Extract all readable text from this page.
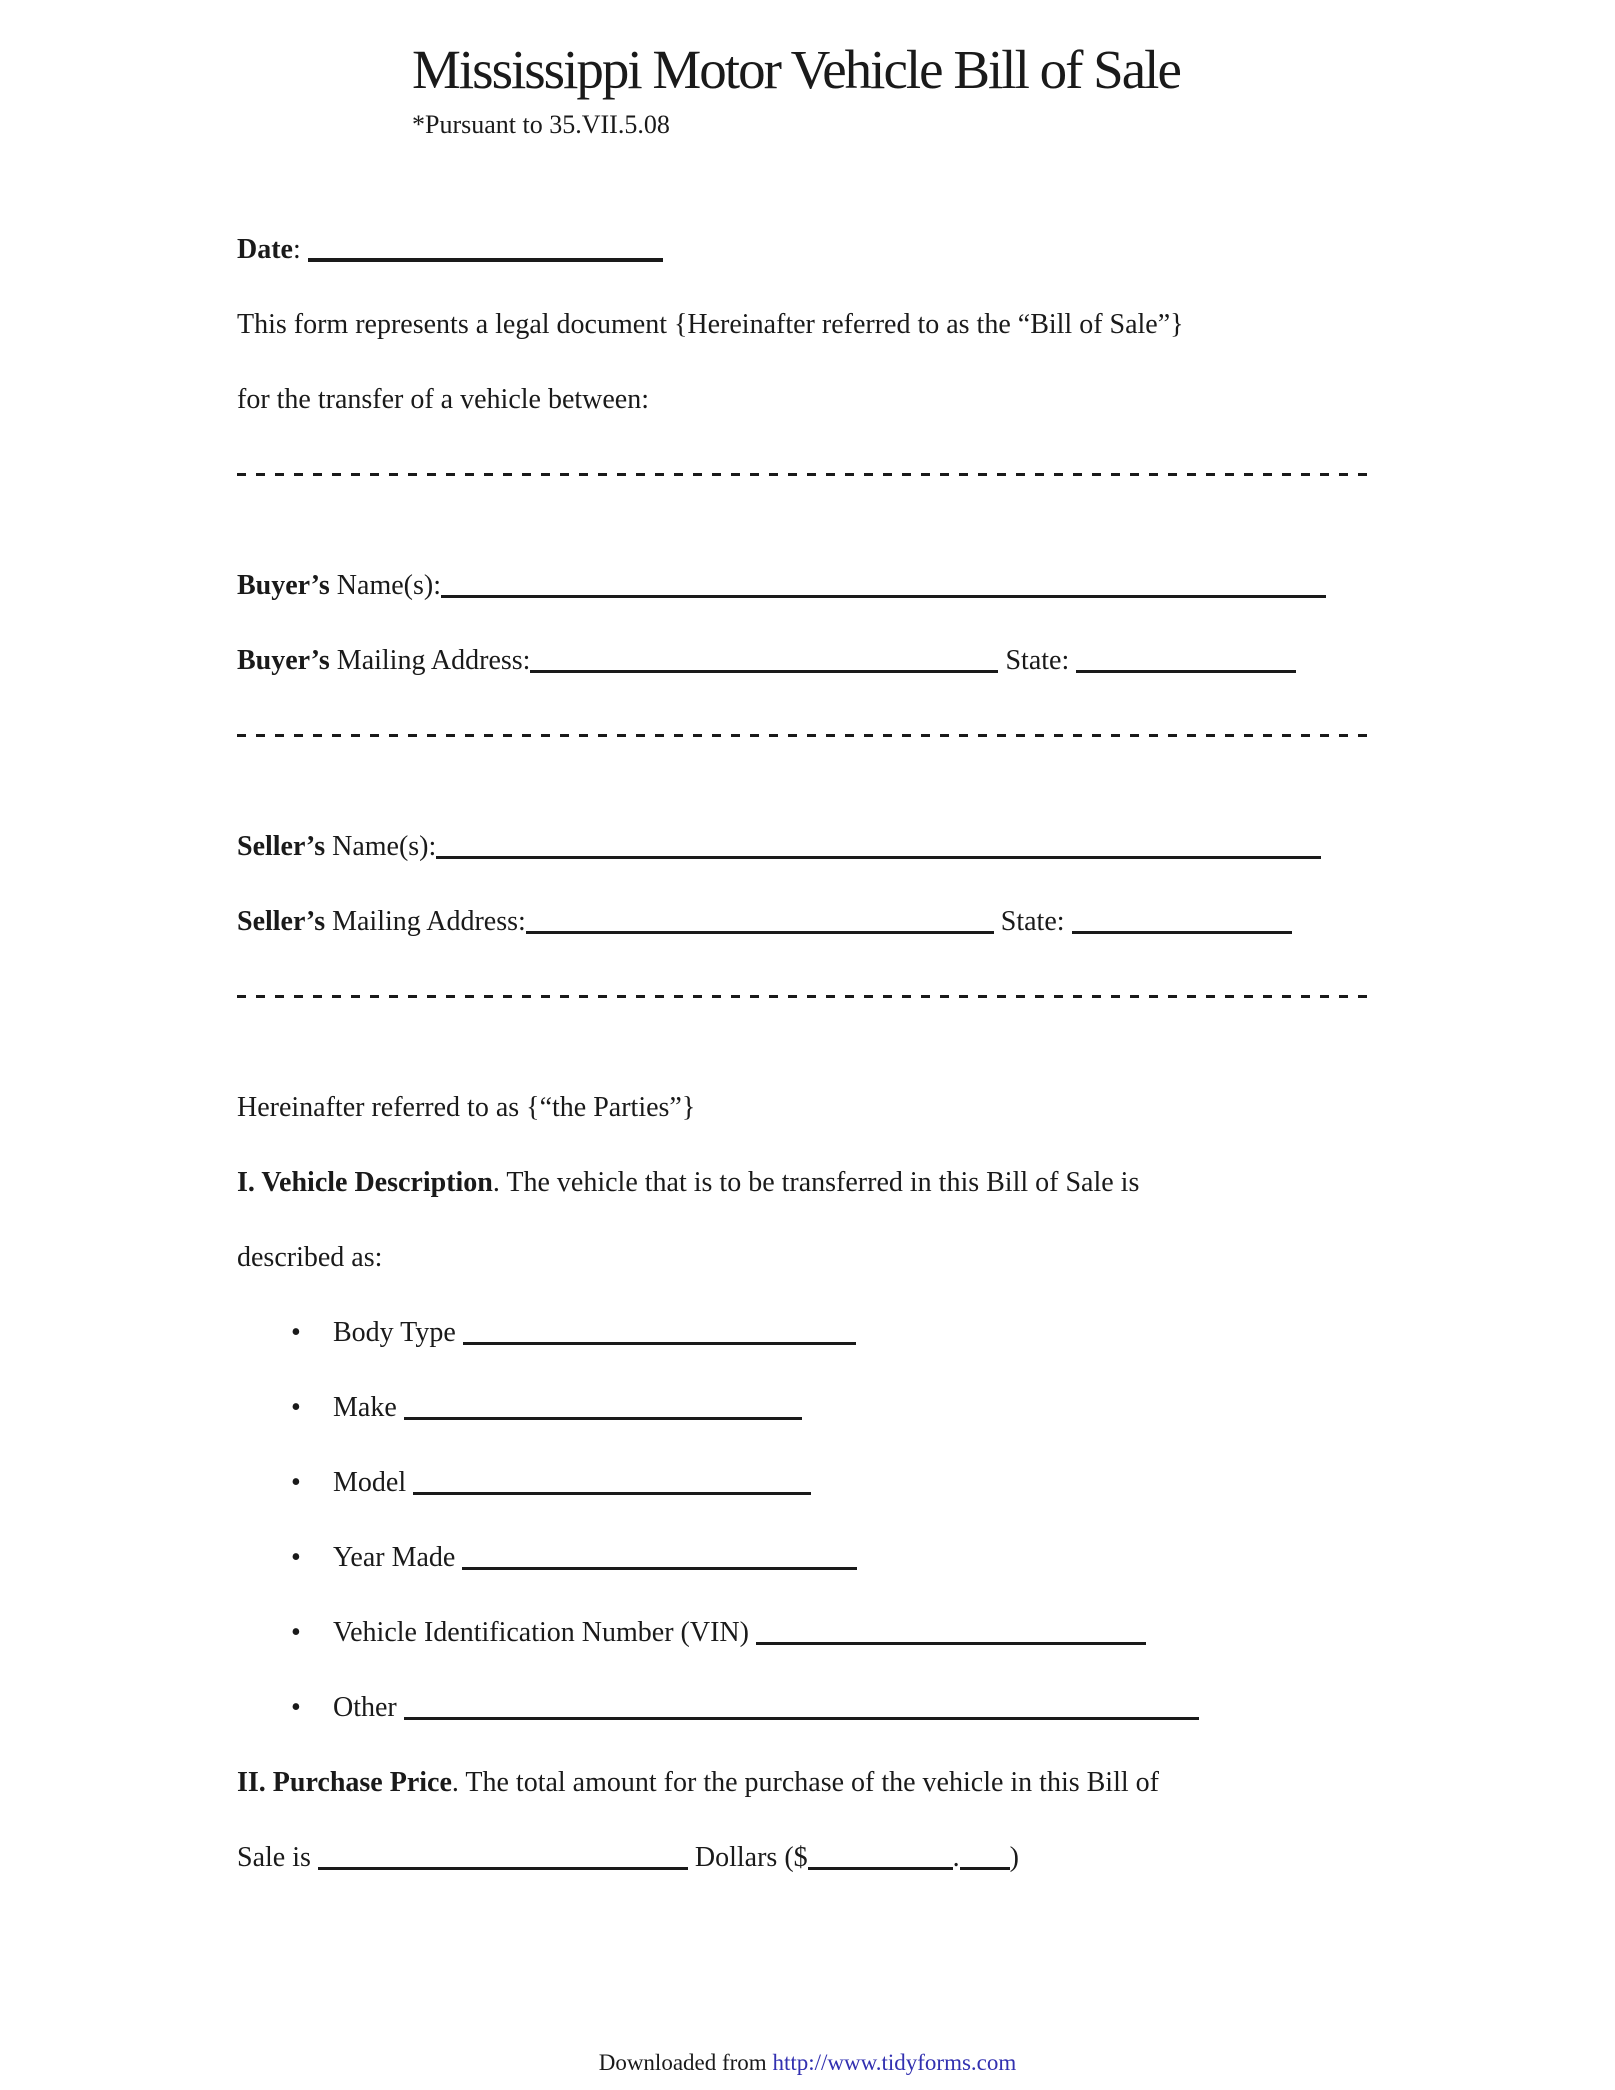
Mississippi Motor Vehicle Bill of Sale
*Pursuant to 35.VII.5.08
Date:
This form represents a legal document {Hereinafter referred to as the “Bill of Sale”}
for the transfer of a vehicle between:
Buyer’s Name(s):
Buyer’s Mailing Address:	State:
Seller’s Name(s):
Seller’s Mailing Address:	State:
Hereinafter referred to as {“the Parties”}
I. Vehicle Description. The vehicle that is to be transferred in this Bill of Sale is
described as:
• Body Type
• Make
• Model
• Year Made
• Vehicle Identification Number (VIN)
• Other
II. Purchase Price. The total amount for the purchase of the vehicle in this Bill of
Sale is	Dollars ($	. )
Downloaded from http://www.tidyforms.com
